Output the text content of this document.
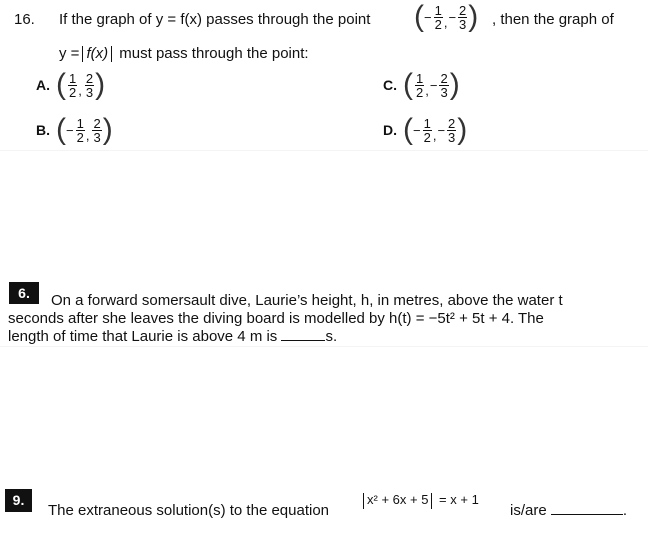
16. If the graph of y = f(x) passes through the point ( − $\frac{1}{2}$ , − $\frac{2}{3}$ ) , then the graph of
y = f(x) must pass through the point:
A. ( $\frac{1}{2}$ , $\frac{2}{3}$ )
B. ( − $\frac{1}{2}$ , $\frac{2}{3}$ )
C. ( $\frac{1}{2}$ , − $\frac{2}{3}$ )
D. ( − $\frac{1}{2}$ , − $\frac{2}{3}$ )
6.	On a forward somersault dive, Laurie’s height, h, in metres, above the water t
seconds after she leaves the diving board is modelled by h(t) = −5t² + 5t + 4. The
length of time that Laurie is above 4 m is	s.
9.
The extraneous solution(s) to the equation
x² + 6x + 5 = x + 1
is/are	.
